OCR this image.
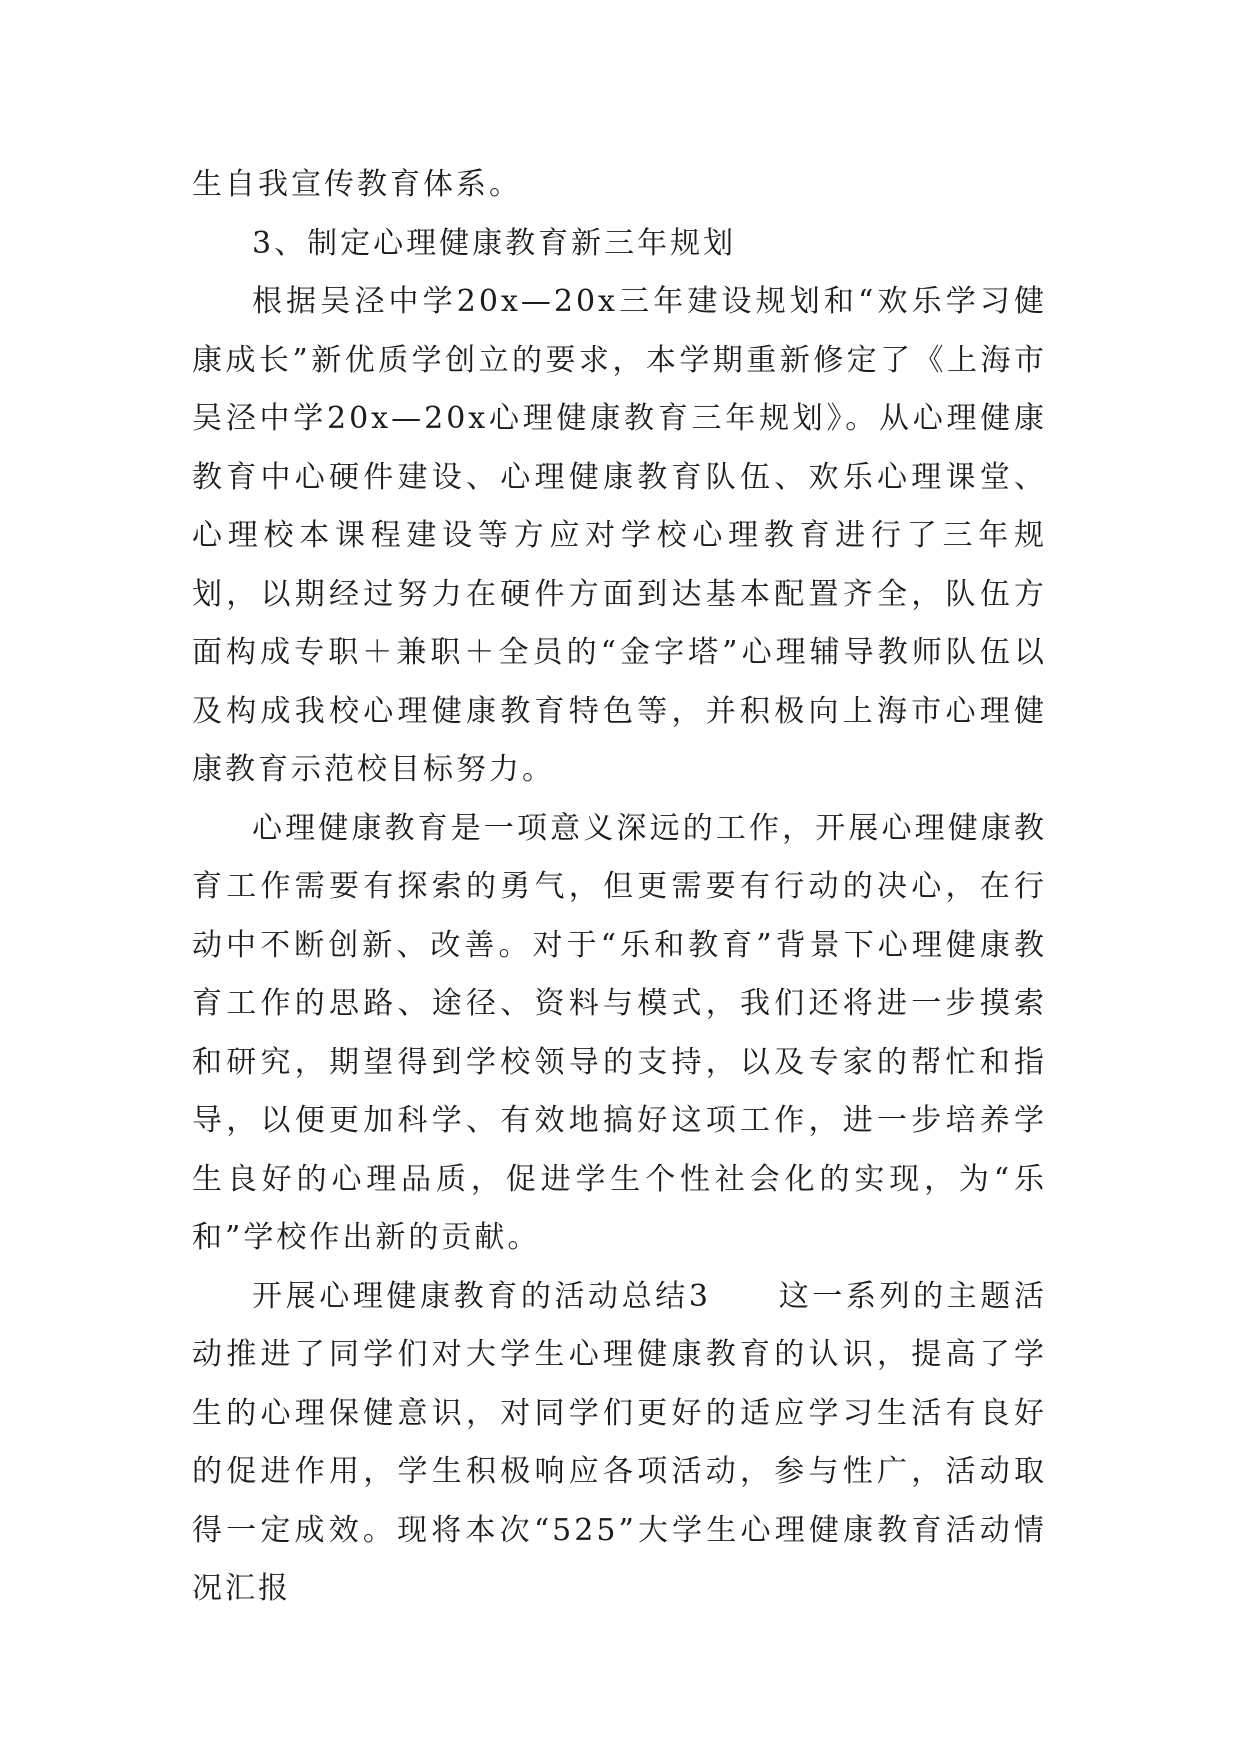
生自我宣传教育体系。

3、制定心理健康教育新三年规划

根据吴泾中学20x—20x三年建设规划和“欢乐学习健康成长”新优质学创立的要求，本学期重新修定了《上海市吴泾中学20x—20x心理健康教育三年规划》。从心理健康教育中心硬件建设、心理健康教育队伍、欢乐心理课堂、心理校本课程建设等方应对学校心理教育进行了三年规划，以期经过努力在硬件方面到达基本配置齐全，队伍方面构成专职＋兼职＋全员的“金字塔”心理辅导教师队伍以及构成我校心理健康教育特色等，并积极向上海市心理健康教育示范校目标努力。

心理健康教育是一项意义深远的工作，开展心理健康教育工作需要有探索的勇气，但更需要有行动的决心，在行动中不断创新、改善。对于“乐和教育”背景下心理健康教育工作的思路、途径、资料与模式，我们还将进一步摸索和研究，期望得到学校领导的支持，以及专家的帮忙和指导，以便更加科学、有效地搞好这项工作，进一步培养学生良好的心理品质，促进学生个性社会化的实现，为“乐和”学校作出新的贡献。

开展心理健康教育的活动总结3　　这一系列的主题活动推进了同学们对大学生心理健康教育的认识，提高了学生的心理保健意识，对同学们更好的适应学习生活有良好的促进作用，学生积极响应各项活动，参与性广，活动取得一定成效。现将本次“525”大学生心理健康教育活动情况汇报
